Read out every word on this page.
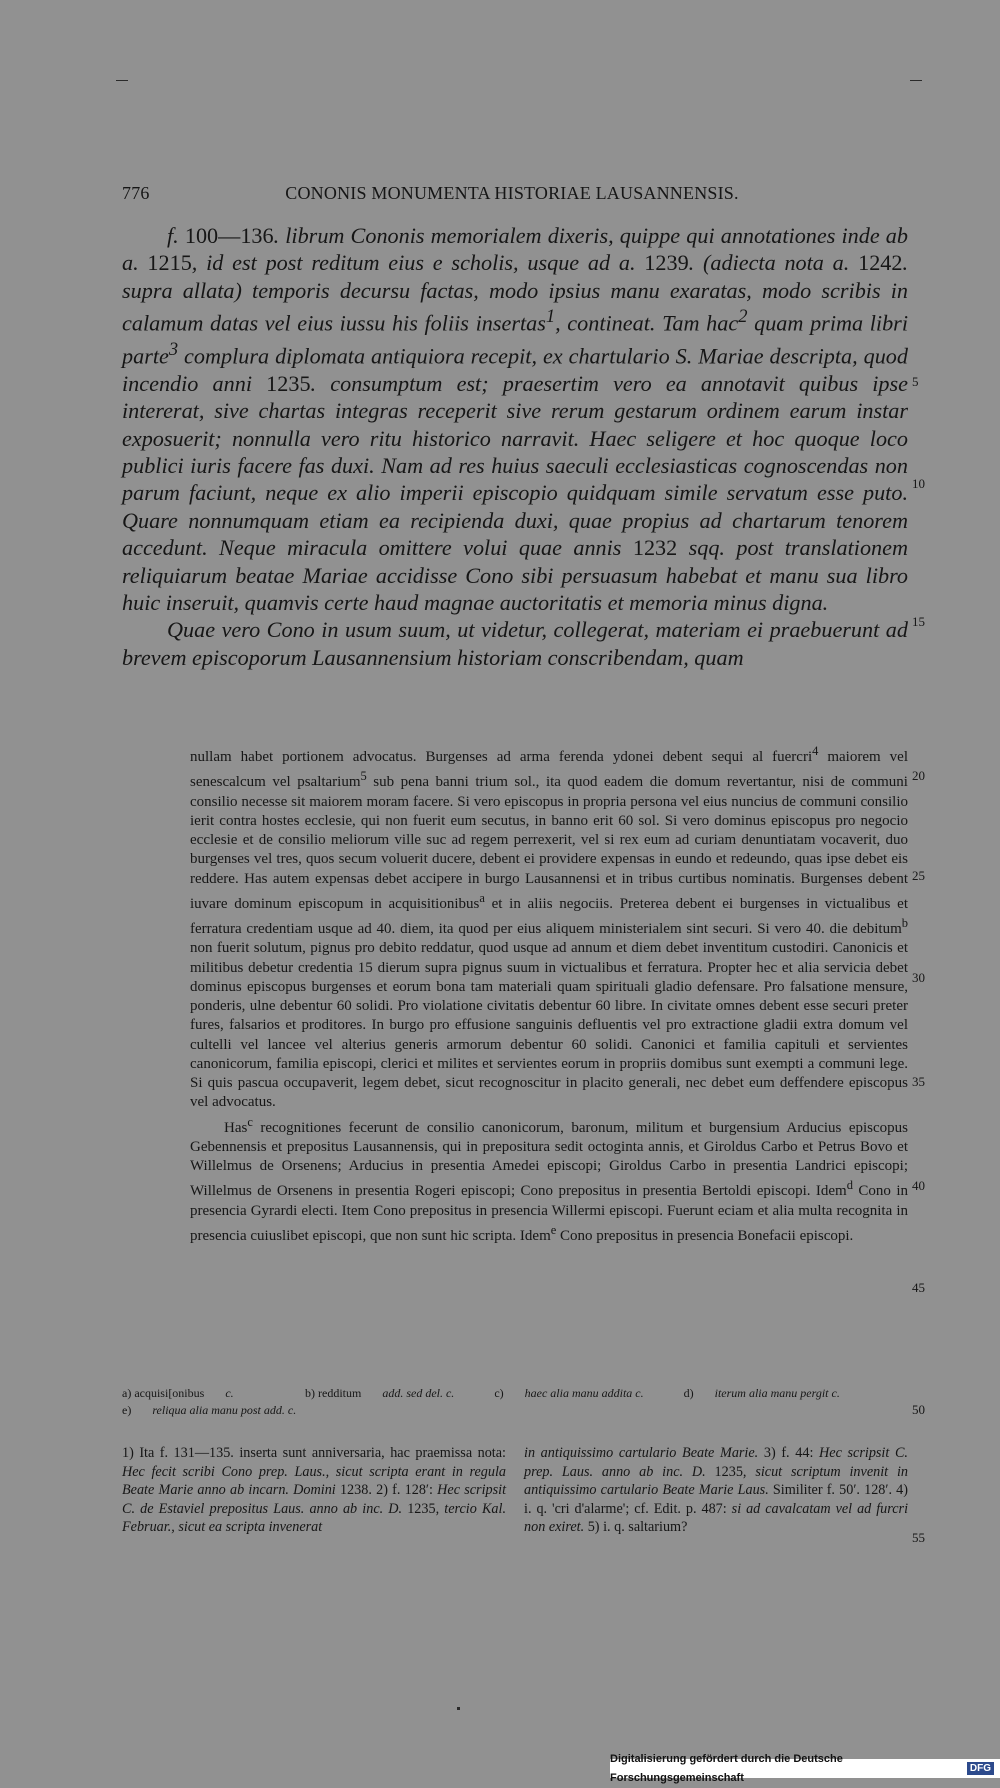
776	CONONIS MONUMENTA HISTORIAE LAUSANNENSIS.

f. 100—136. librum Cononis memorialem dixeris, quippe qui annotationes inde ab a. 1215, id est post reditum eius e scholis, usque ad a. 1239. (adiecta nota a. 1242. supra allata) temporis decursu factas, modo ipsius manu exaratas, modo scribis in calamum datas vel eius iussu his foliis insertas$^1$, contineat. Tam hac$^2$ quam prima libri parte$^3$ complura diplomata antiquiora recepit, ex chartulario S. Mariae descripta, quod incendio anni 1235. consumptum est; praesertim vero ea annotavit quibus ipse intererat, sive chartas integras receperit sive rerum gestarum ordinem earum instar exposuerit; nonnulla vero ritu historico narravit. Haec seligere et hoc quoque loco publici iuris facere fas duxi. Nam ad res huius saeculi ecclesiasticas cognoscendas non parum faciunt, neque ex alio imperii episcopio quidquam simile servatum esse puto. Quare nonnumquam etiam ea recipienda duxi, quae propius ad chartarum tenorem accedunt. Neque miracula omittere volui quae annis 1232 sqq. post translationem reliquiarum beatae Mariae accidisse Cono sibi persuasum habebat et manu sua libro huic inseruit, quamvis certe haud magnae auctoritatis et memoria minus digna.

Quae vero Cono in usum suum, ut videtur, collegerat, materiam ei praebuerunt ad brevem episcoporum Lausannensium historiam conscribendam, quam

nullam habet portionem advocatus. Burgenses ad arma ferenda ydonei debent sequi al fuercri$^4$ maiorem vel senescalcum vel psaltarium$^5$ sub pena banni trium sol., ita quod eadem die domum revertantur, nisi de communi consilio necesse sit maiorem moram facere. Si vero episcopus in propria persona vel eius nuncius de communi consilio ierit contra hostes ecclesie, qui non fuerit eum secutus, in banno erit 60 sol. Si vero dominus episcopus pro negocio ecclesie et de consilio meliorum ville suc ad regem perrexerit, vel si rex eum ad curiam denuntiatam vocaverit, duo burgenses vel tres, quos secum voluerit ducere, debent ei providere expensas in eundo et redeundo, quas ipse debet eis reddere. Has autem expensas debet accipere in burgo Lausannensi et in tribus curtibus nominatis. Burgenses debent iuvare dominum episcopum in acquisitionibus$^a$ et in aliis negociis. Preterea debent ei burgenses in victualibus et ferratura credentiam usque ad 40. diem, ita quod per eius aliquem ministerialem sint securi. Si vero 40. die debitum$^b$ non fuerit solutum, pignus pro debito reddatur, quod usque ad annum et diem debet inventitum custodiri. Canonicis et militibus debetur credentia 15 dierum supra pignus suum in victualibus et ferratura. Propter hec et alia servicia debet dominus episcopus burgenses et eorum bona tam materiali quam spirituali gladio defensare. Pro falsatione mensure, ponderis, ulne debentur 60 solidi. Pro violatione civitatis debentur 60 libre. In civitate omnes debent esse securi preter fures, falsarios et proditores. In burgo pro effusione sanguinis defluentis vel pro extractione gladii extra domum vel cultelli vel lancee vel alterius generis armorum debentur 60 solidi. Canonici et familia capituli et servientes canonicorum, familia episcopi, clerici et milites et servientes eorum in propriis domibus sunt exempti a communi lege. Si quis pascua occupaverit, legem debet, sicut recognoscitur in placito generali, nec debet eum deffendere episcopus vel advocatus.

Has$^c$ recognitiones fecerunt de consilio canonicorum, baronum, militum et burgensium Arducius episcopus Gebennensis et prepositus Lausannensis, qui in prepositura sedit octoginta annis, et Giroldus Carbo et Petrus Bovo et Willelmus de Orsenens; Arducius in presentia Amedei episcopi; Giroldus Carbo in presentia Landrici episcopi; Willelmus de Orsenens in presentia Rogeri episcopi; Cono prepositus in presentia Bertoldi episcopi. Idem$^d$ Cono in presencia Gyrardi electi. Item Cono prepositus in presencia Willermi episcopi. Fuerunt eciam et alia multa recognita in presencia cuiuslibet episcopi, que non sunt hic scripta. Idem$^e$ Cono prepositus in presencia Bonefacii episcopi.

a) acquisi[onibus c.	b) redditum add. sed del. c.	c) haec alia manu addita c.	d) iterum alia manu pergit c.
e) reliqua alia manu post add. c.
1) Ita f. 131—135. inserta sunt anniversaria, hac praemissa nota: Hec fecit scribi Cono prep. Laus., sicut scripta erant in regula Beate Marie anno ab incarn. Domini 1238. 2) f. 128′: Hec scripsit C. de Estaviel prepositus Laus. anno ab inc. D. 1235, tercio Kal. Februar., sicut ea scripta invenerat
in antiquissimo cartulario Beate Marie. 3) f. 44: Hec scripsit C. prep. Laus. anno ab inc. D. 1235, sicut scriptum invenit in antiquissimo cartulario Beate Marie Laus. Similiter f. 50′. 128′. 4) i. q. 'cri d'alarme'; cf. Edit. p. 487: si ad cavalcatam vel ad furcri non exiret. 5) i. q. saltarium?
5
10
15
20
25
30
35
40
45
50
55
Digitalisierung gefördert durch die Deutsche Forschungsgemeinschaft
DFG
